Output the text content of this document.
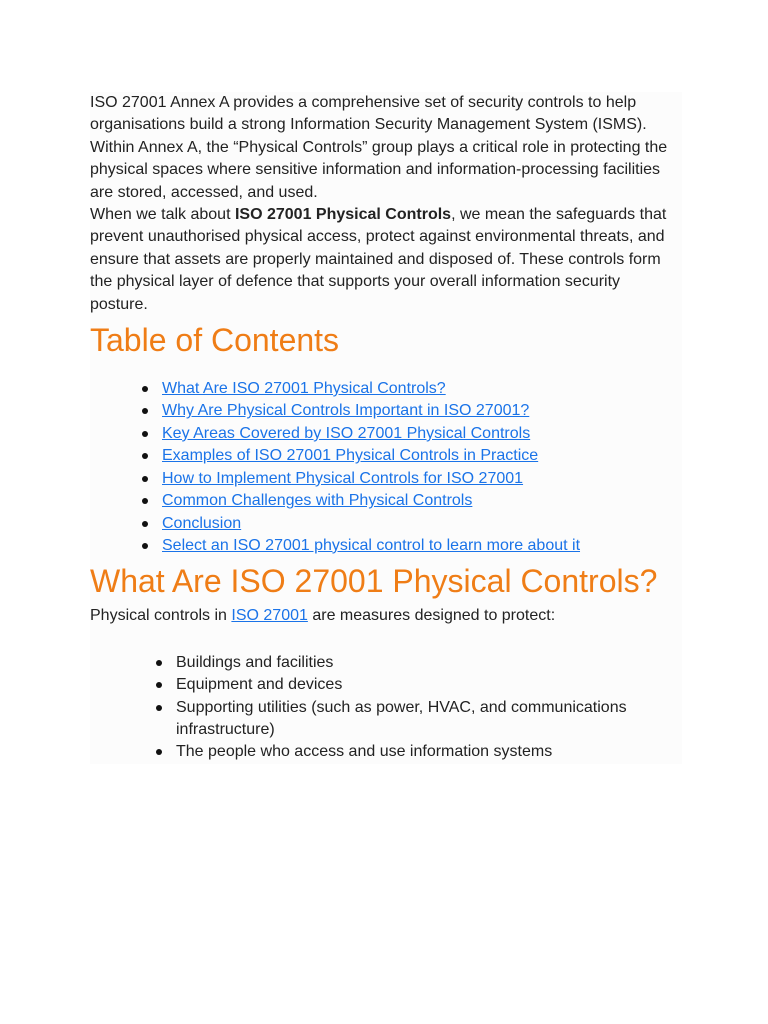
ISO 27001 Annex A provides a comprehensive set of security controls to help organisations build a strong Information Security Management System (ISMS). Within Annex A, the “Physical Controls” group plays a critical role in protecting the physical spaces where sensitive information and information-processing facilities are stored, accessed, and used.

When we talk about ISO 27001 Physical Controls, we mean the safeguards that prevent unauthorised physical access, protect against environmental threats, and ensure that assets are properly maintained and disposed of. These controls form the physical layer of defence that supports your overall information security posture.

Table of Contents
What Are ISO 27001 Physical Controls?
Why Are Physical Controls Important in ISO 27001?
Key Areas Covered by ISO 27001 Physical Controls
Examples of ISO 27001 Physical Controls in Practice
How to Implement Physical Controls for ISO 27001
Common Challenges with Physical Controls
Conclusion
Select an ISO 27001 physical control to learn more about it
What Are ISO 27001 Physical Controls?

Physical controls in ISO 27001 are measures designed to protect:

Buildings and facilities
Equipment and devices
Supporting utilities (such as power, HVAC, and communications infrastructure)
The people who access and use information systems
